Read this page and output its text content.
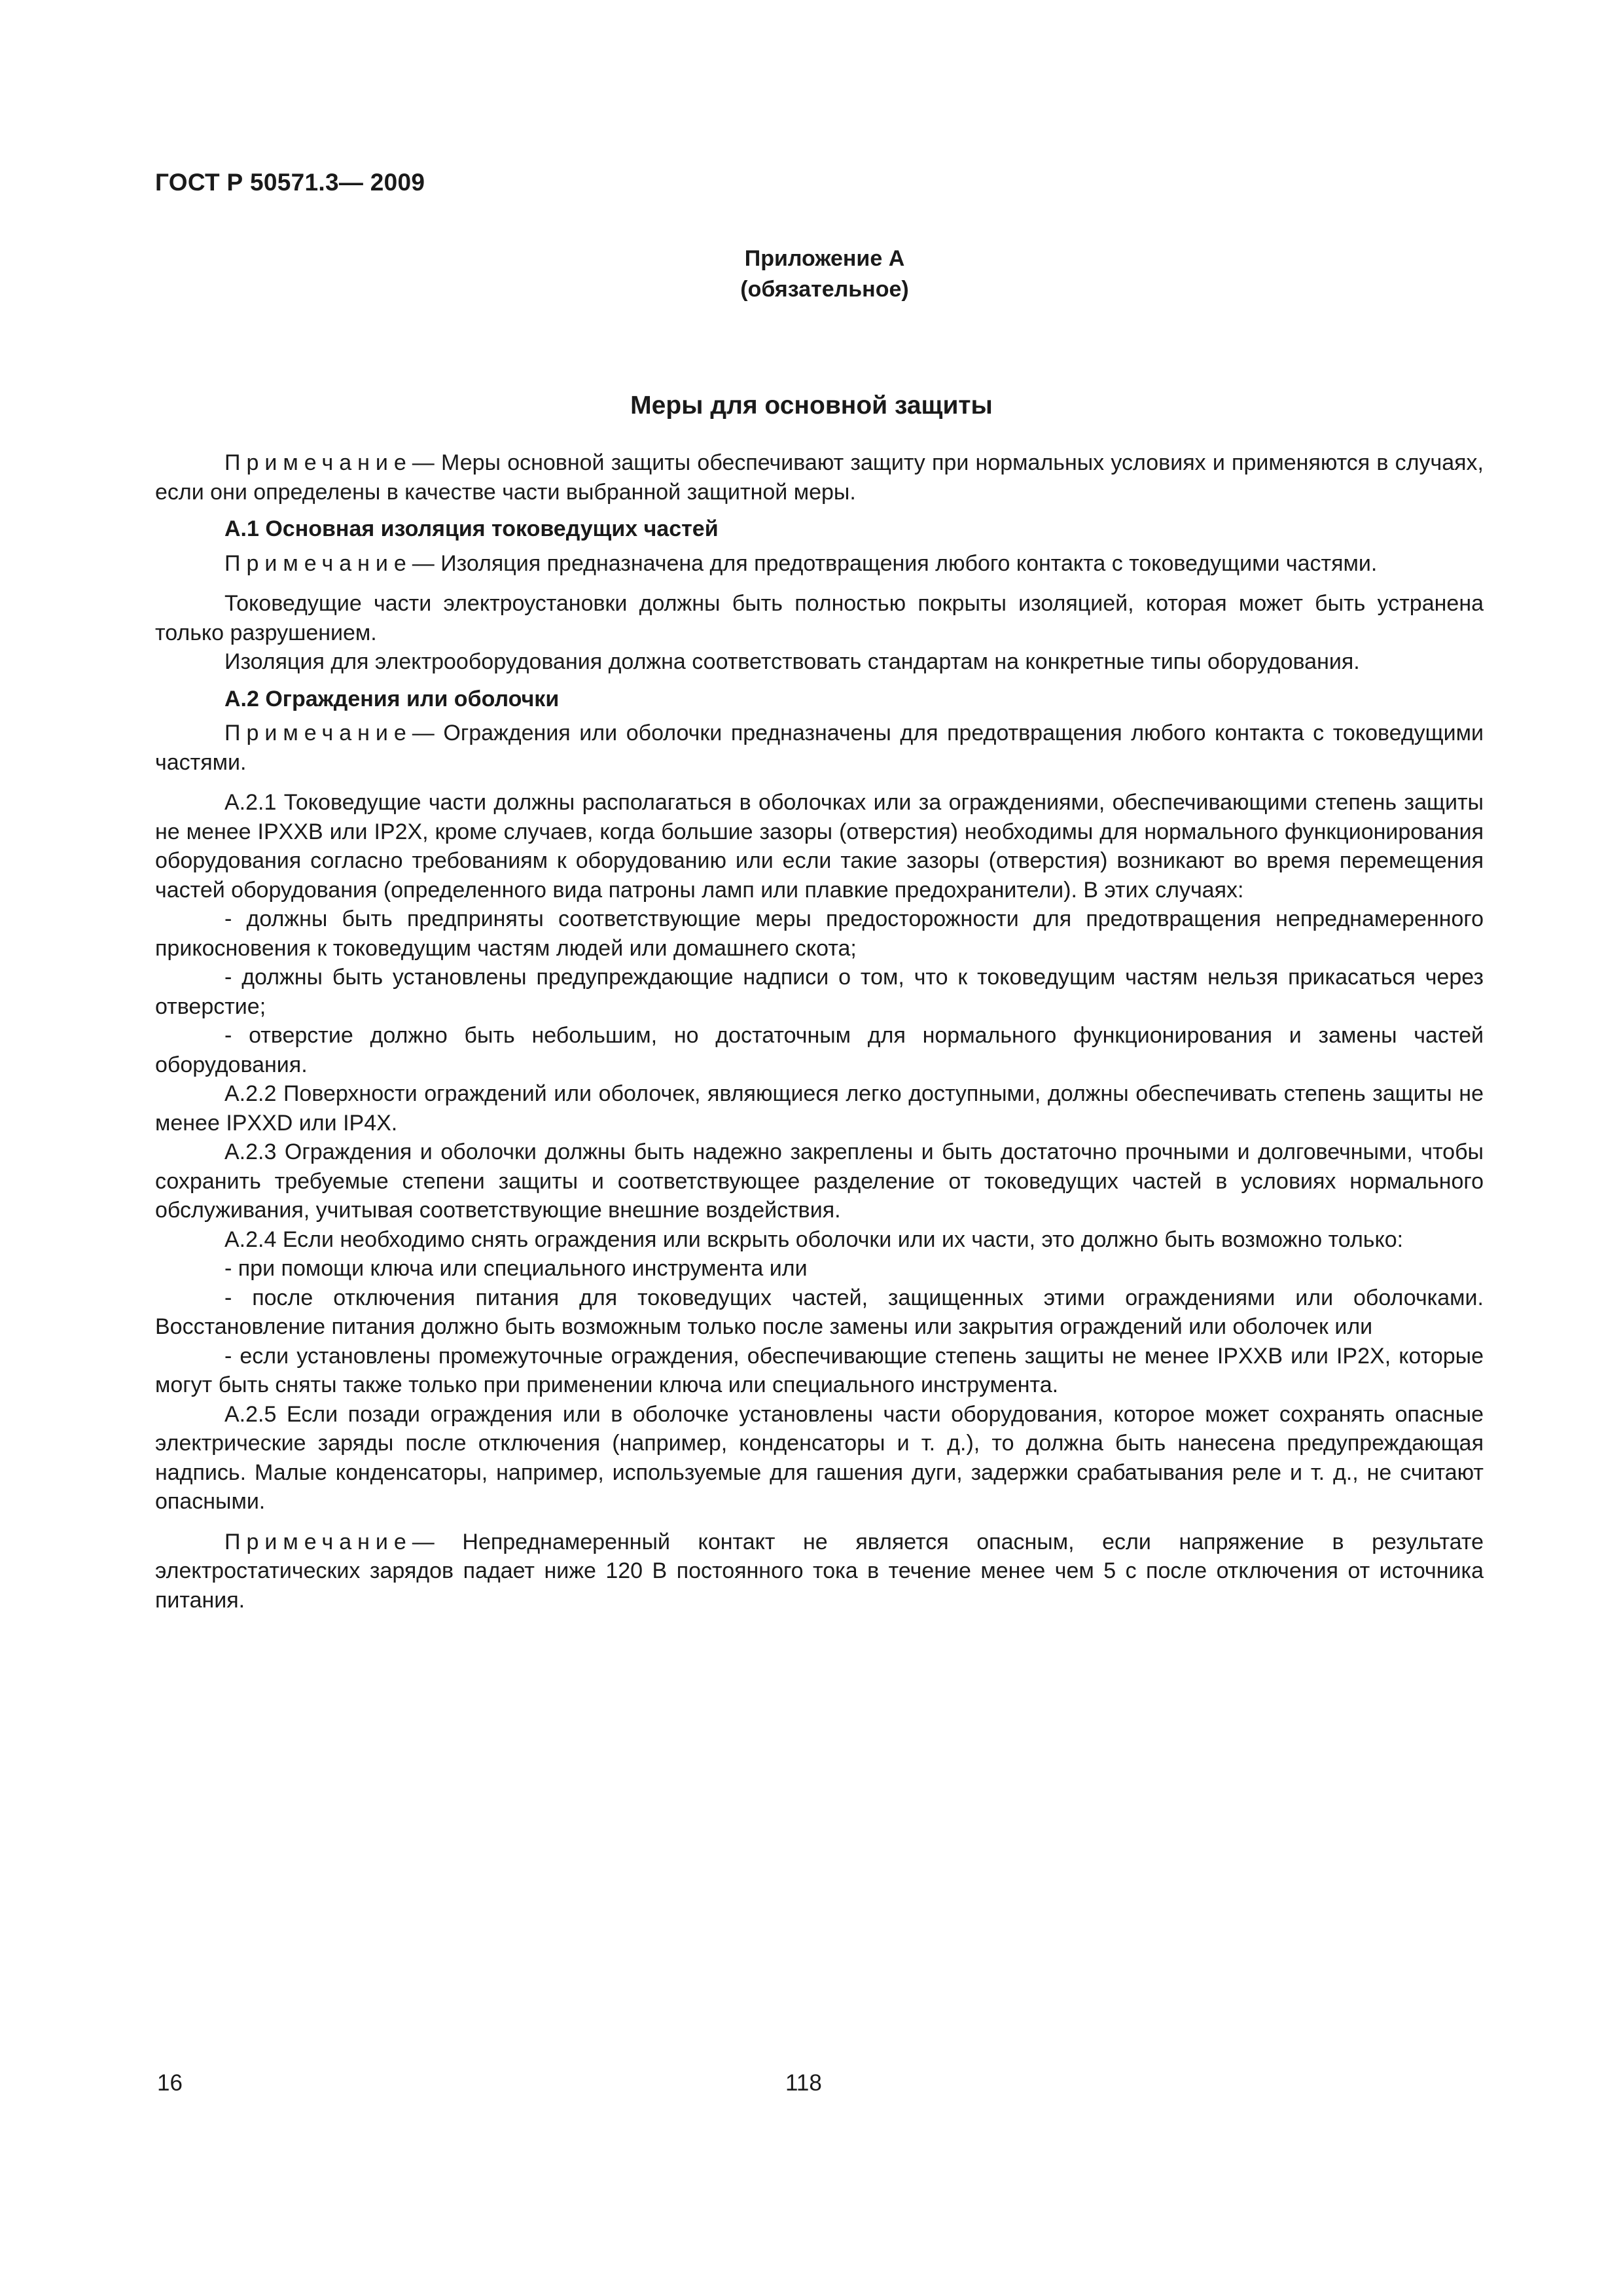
ГОСТ Р 50571.3— 2009
Приложение А
(обязательное)
Меры для основной защиты

Примечание— Меры основной защиты обеспечивают защиту при нормальных условиях и применяются в случаях, если они определены в качестве части выбранной защитной меры.

А.1 Основная изоляция токоведущих частей

Примечание— Изоляция предназначена для предотвращения любого контакта с токоведущими частями.

Токоведущие части электроустановки должны быть полностью покрыты изоляцией, которая может быть устранена только разрушением.

Изоляция для электрооборудования должна соответствовать стандартам на конкретные типы оборудования.

А.2 Ограждения или оболочки

Примечание— Ограждения или оболочки предназначены для предотвращения любого контакта с токоведущими частями.

А.2.1 Токоведущие части должны располагаться в оболочках или за ограждениями, обеспечивающими степень защиты не менее IPXXB или IP2X, кроме случаев, когда большие зазоры (отверстия) необходимы для нормального функционирования оборудования согласно требованиям к оборудованию или если такие зазоры (отверстия) возникают во время перемещения частей оборудования (определенного вида патроны ламп или плавкие предохранители). В этих случаях:

- должны быть предприняты соответствующие меры предосторожности для предотвращения непреднамеренного прикосновения к токоведущим частям людей или домашнего скота;

- должны быть установлены предупреждающие надписи о том, что к токоведущим частям нельзя прикасаться через отверстие;

- отверстие должно быть небольшим, но достаточным для нормального функционирования и замены частей оборудования.

А.2.2 Поверхности ограждений или оболочек, являющиеся легко доступными, должны обеспечивать степень защиты не менее IPXXD или IP4X.

А.2.3 Ограждения и оболочки должны быть надежно закреплены и быть достаточно прочными и долговечными, чтобы сохранить требуемые степени защиты и соответствующее разделение от токоведущих частей в условиях нормального обслуживания, учитывая соответствующие внешние воздействия.

А.2.4 Если необходимо снять ограждения или вскрыть оболочки или их части, это должно быть возможно только:

- при помощи ключа или специального инструмента или

- после отключения питания для токоведущих частей, защищенных этими ограждениями или оболочками. Восстановление питания должно быть возможным только после замены или закрытия ограждений или оболочек или

- если установлены промежуточные ограждения, обеспечивающие степень защиты не менее IPXXB или IP2X, которые могут быть сняты также только при применении ключа или специального инструмента.

А.2.5 Если позади ограждения или в оболочке установлены части оборудования, которое может сохранять опасные электрические заряды после отключения (например, конденсаторы и т. д.), то должна быть нанесена предупреждающая надпись. Малые конденсаторы, например, используемые для гашения дуги, задержки срабатывания реле и т. д., не считают опасными.

Примечание— Непреднамеренный контакт не является опасным, если напряжение в результате электростатических зарядов падает ниже 120 В постоянного тока в течение менее чем 5 с после отключения от источника питания.

16	118
